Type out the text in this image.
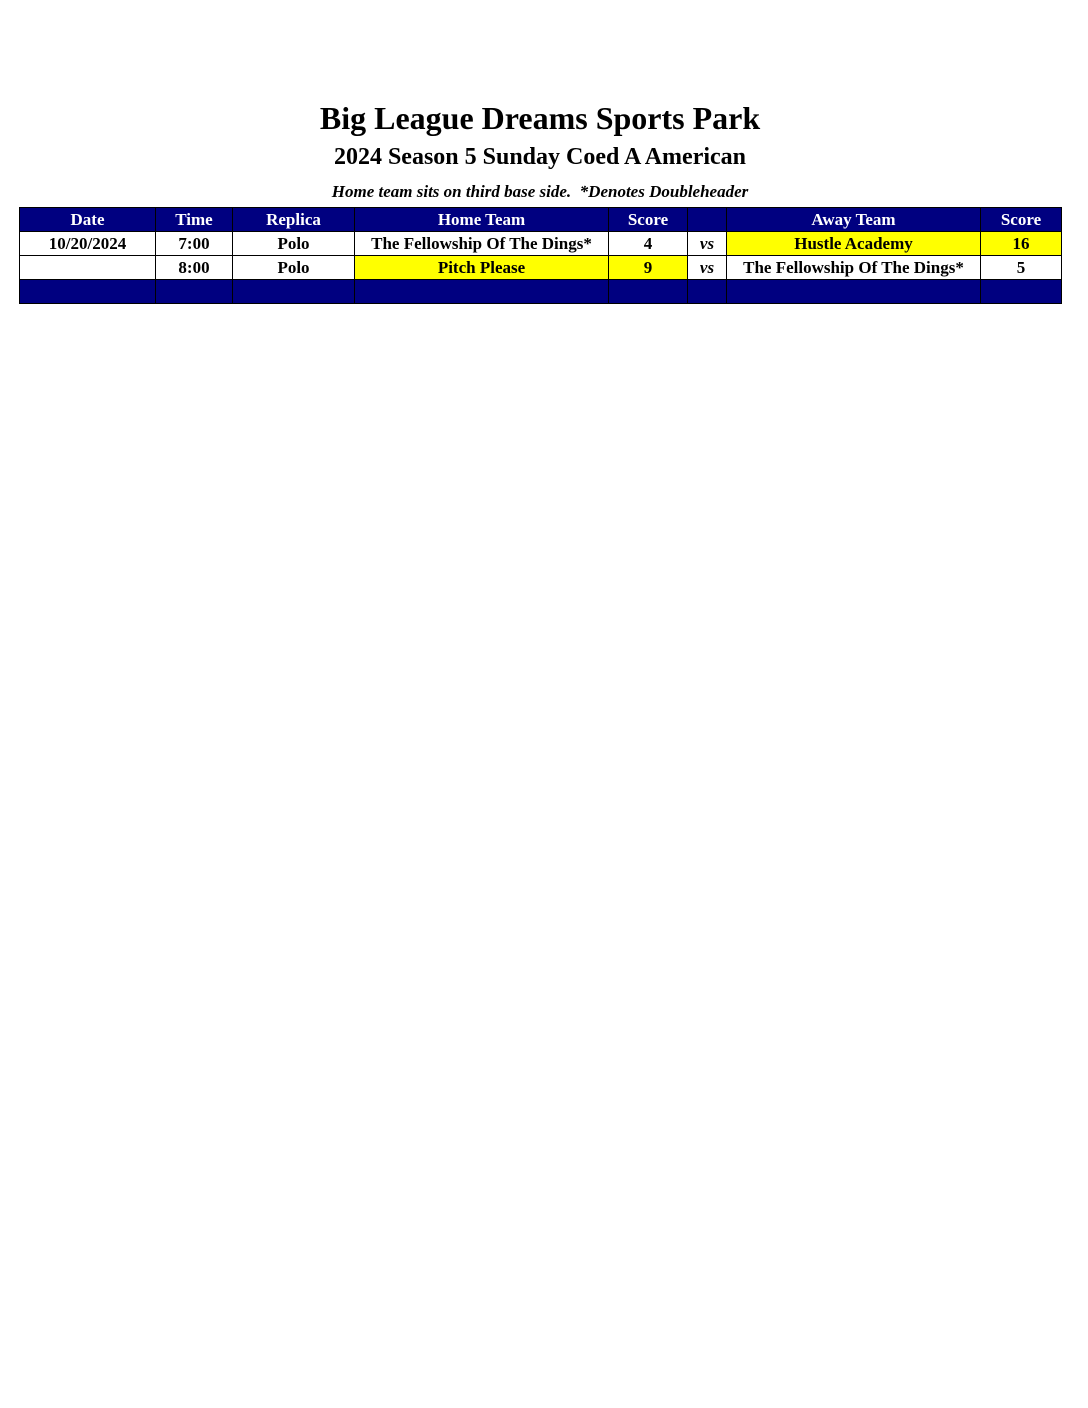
Big League Dreams Sports Park
2024 Season 5 Sunday Coed A American
Home team sits on third base side.  *Denotes Doubleheader
Date	Time	Replica	Home Team	Score		Away Team	Score
10/20/2024	7:00	Polo	The Fellowship Of The Dings*	4	vs	Hustle Academy	16
	8:00	Polo	Pitch Please	9	vs	The Fellowship Of The Dings*	5
